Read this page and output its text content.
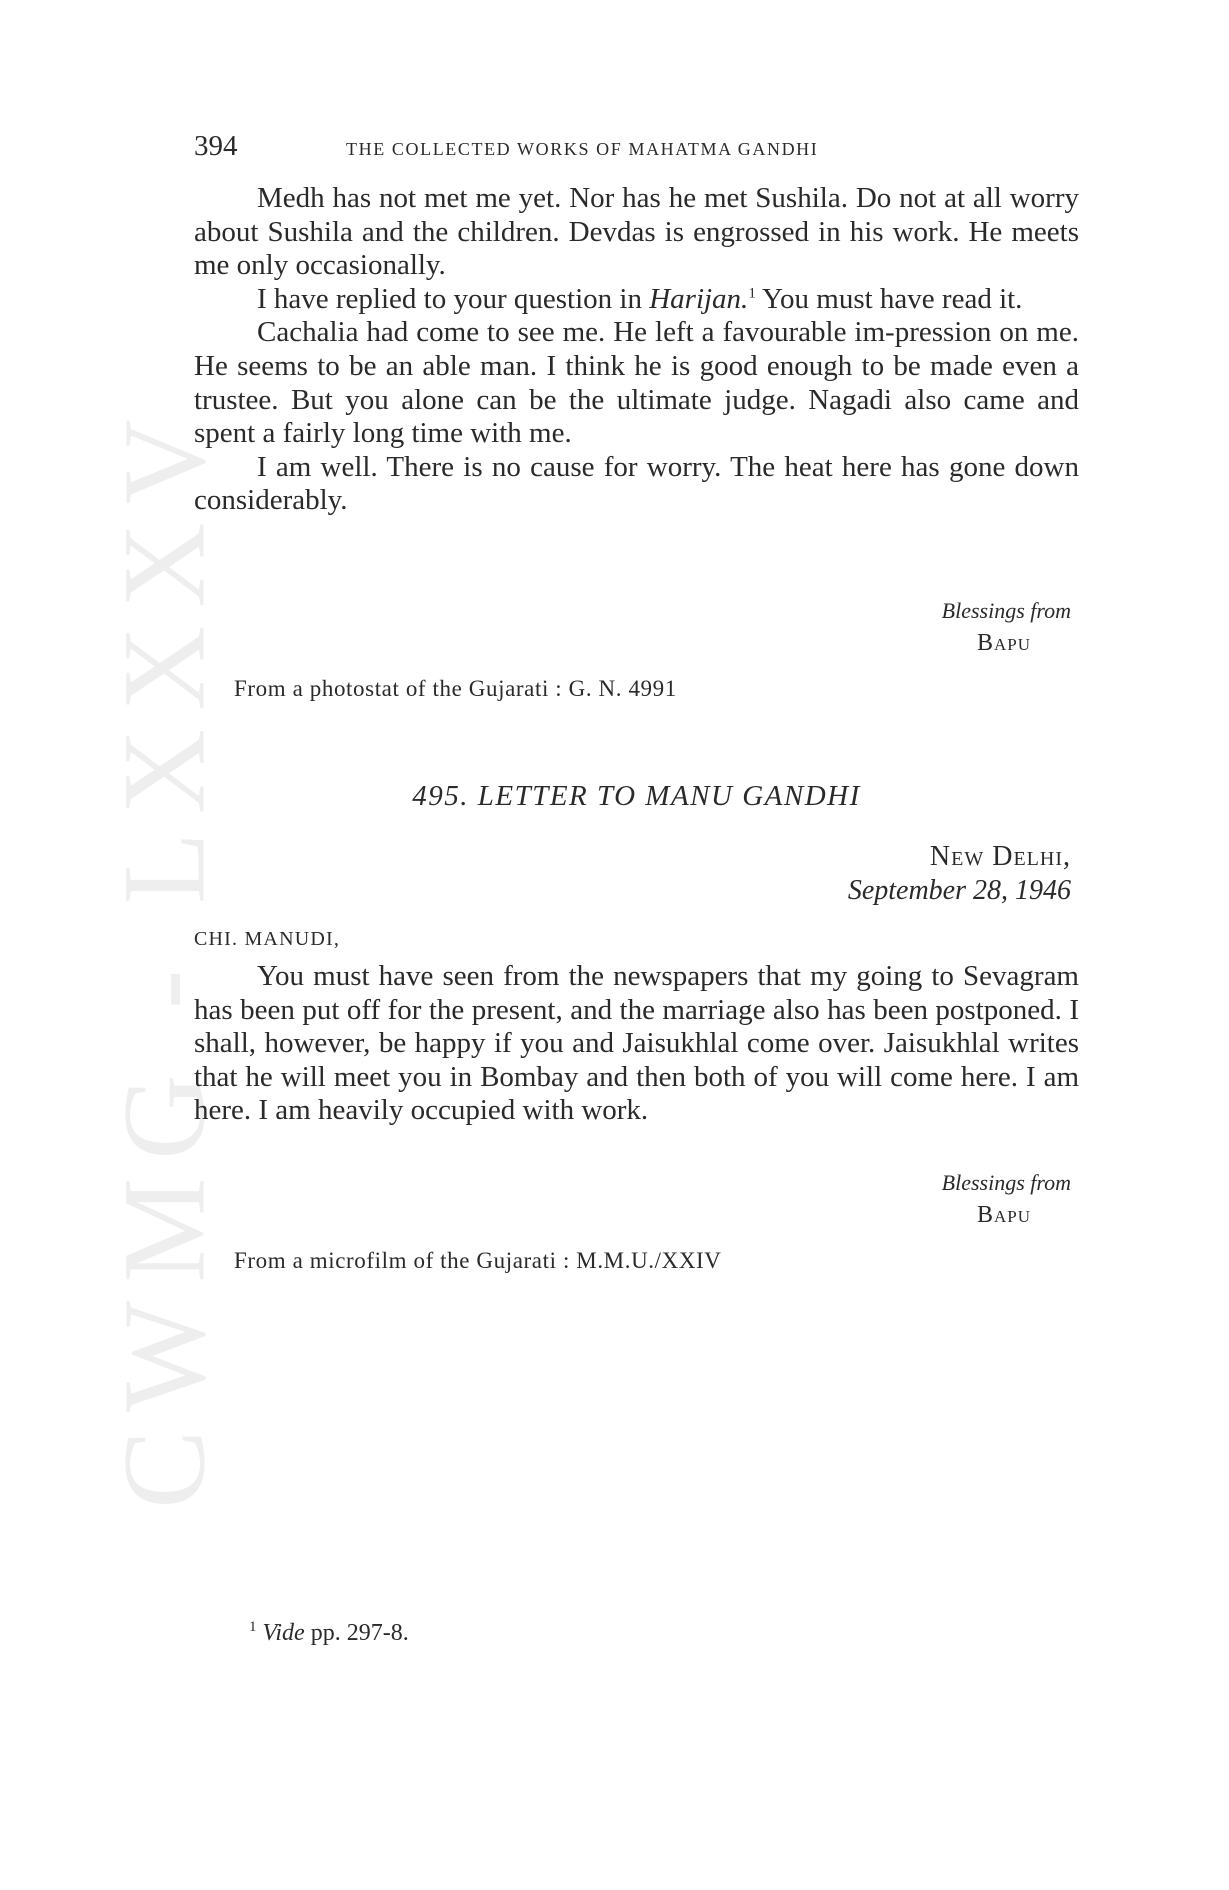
CWMG - LXXXV
394	THE COLLECTED WORKS OF MAHATMA GANDHI

Medh has not met me yet. Nor has he met Sushila. Do not at all worry about Sushila and the children. Devdas is engrossed in his work. He meets me only occasionally.

I have replied to your question in Harijan.$^1$ You must have read it.

Cachalia had come to see me. He left a favourable im-pression on me. He seems to be an able man. I think he is good enough to be made even a trustee. But you alone can be the ultimate judge. Nagadi also came and spent a fairly long time with me.

I am well. There is no cause for worry. The heat here has gone down considerably.

Blessings from
Bapu
From a photostat of the Gujarati : G. N. 4991
495. LETTER TO MANU GANDHI
New Delhi,
September 28, 1946
CHI. MANUDI,

You must have seen from the newspapers that my going to Sevagram has been put off for the present, and the marriage also has been postponed. I shall, however, be happy if you and Jaisukhlal come over. Jaisukhlal writes that he will meet you in Bombay and then both of you will come here. I am here. I am heavily occupied with work.

Blessings from
Bapu
From a microfilm of the Gujarati : M.M.U./XXIV
$^1$ Vide pp. 297-8.
